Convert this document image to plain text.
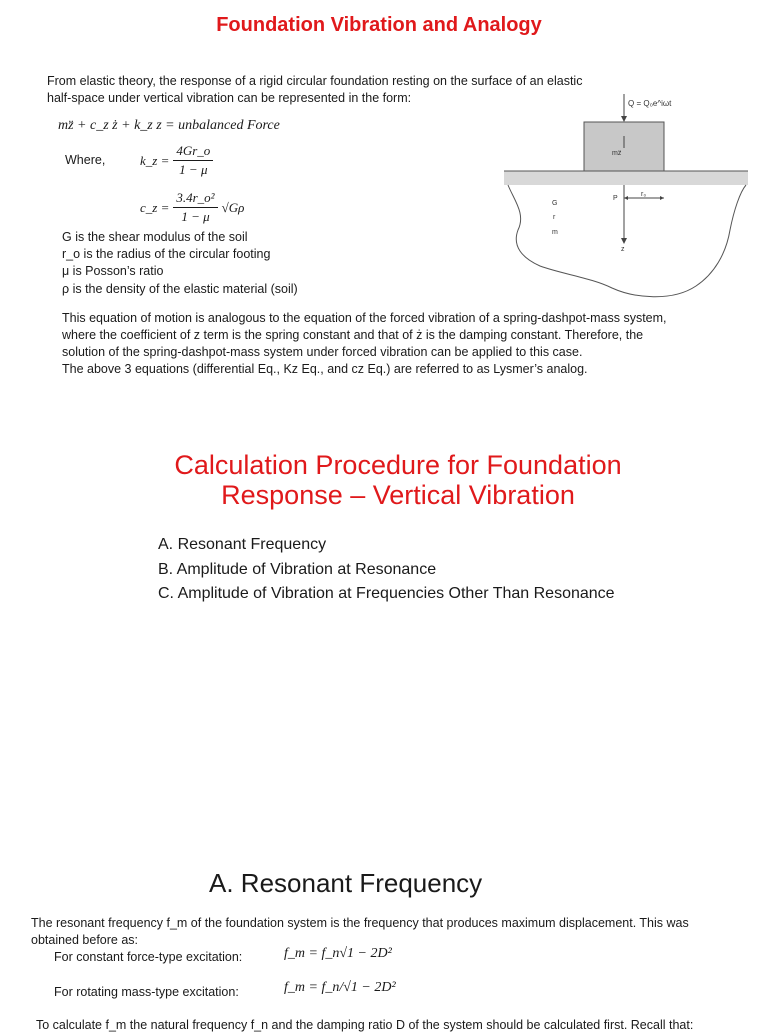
Foundation Vibration and Analogy
From elastic theory, the response of a rigid circular foundation resting on the surface of an elastic half-space under vertical vibration can be represented in the form:
mz̈ + c_z ż + k_z z = unbalanced Force
Where,	k_z = $\frac{4Gr\_o}{1 - \mu}$
c_z = $\frac{\text{3.4r\_o²}}{1 - \mu} √G\rho$
G is the shear modulus of the soil
r_o is the radius of the circular footing
μ is Posson’s ratio
ρ is the density of the elastic material (soil)
Q = Q₀e^iωt
mz̈
P
r₀
z
G
r
m
This equation of motion is analogous to the equation of the forced vibration of a spring-dashpot-mass system,
where the coefficient of z term is the spring constant and that of ż is the damping constant. Therefore, the
solution of the spring-dashpot-mass system under forced vibration can be applied to this case.
The above 3 equations (differential Eq., Kz Eq., and cz Eq.) are referred to as Lysmer’s analog.
Calculation Procedure for Foundation
Response – Vertical Vibration
A. Resonant Frequency
B. Amplitude of Vibration at Resonance
C. Amplitude of Vibration at Frequencies Other Than Resonance
A. Resonant Frequency
The resonant frequency f_m of the foundation system is the frequency that produces maximum displacement. This was
obtained before as:
For constant force-type excitation:	f_m = f_n√1 − 2D²
For rotating mass-type excitation:	f_m = f_n/√1 − 2D²
To calculate f_m the natural frequency f_n and the damping ratio D of the system should be calculated first. Recall that:
